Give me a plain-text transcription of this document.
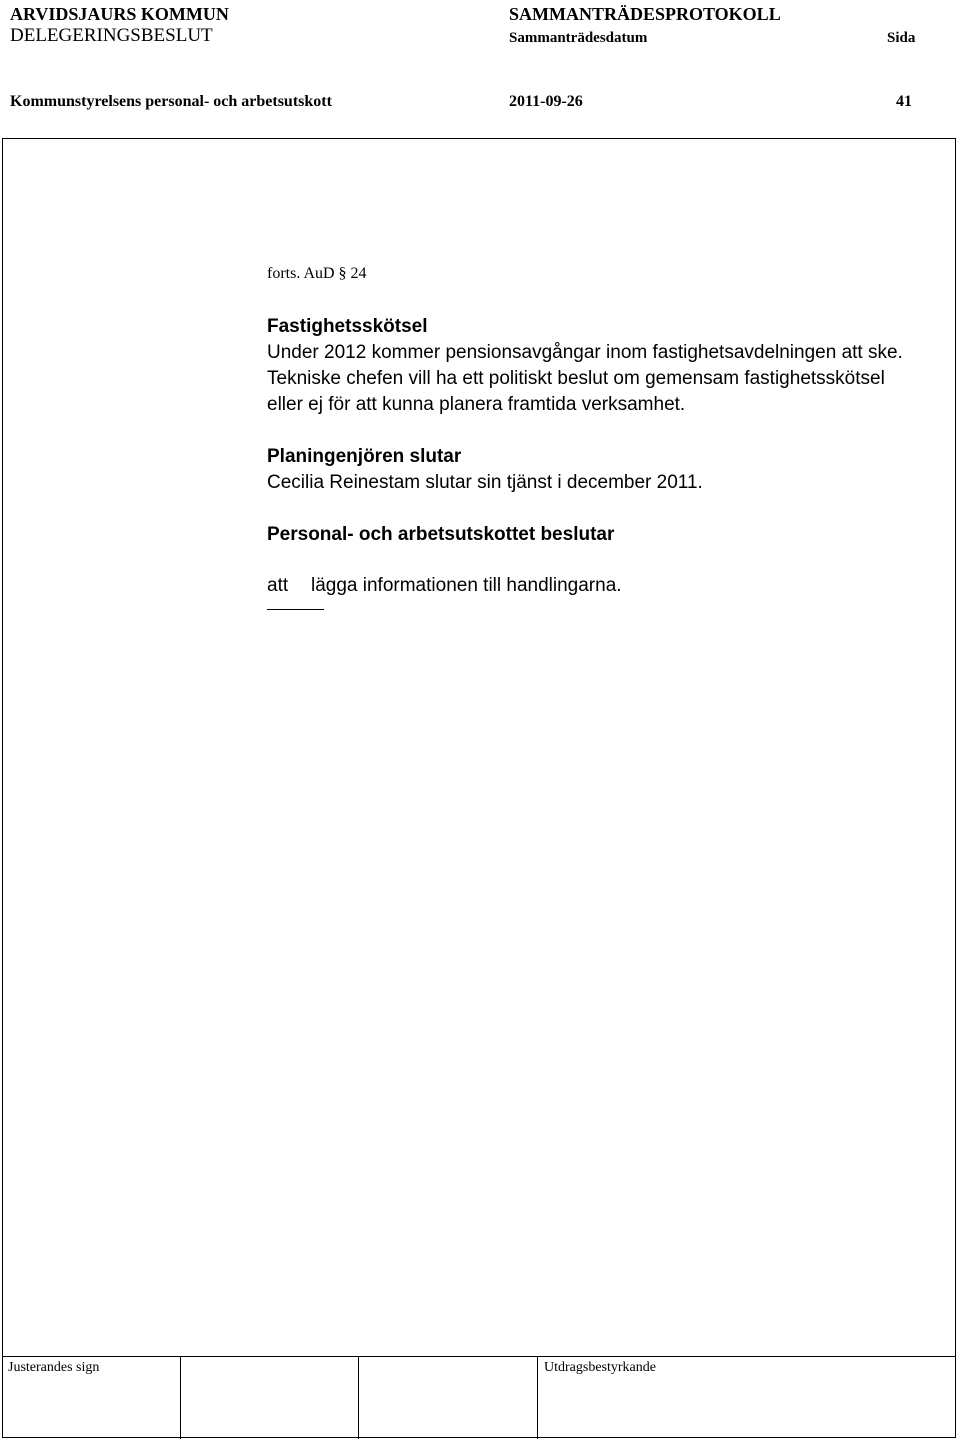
ARVIDSJAURS KOMMUN
DELEGERINGSBESLUT
SAMMANTRÄDESPROTOKOLL
Sammanträdesdatum	Sida
Kommunstyrelsens personal- och arbetsutskott	2011-09-26	41

forts. AuD § 24

Fastighetsskötsel

Under 2012 kommer pensionsavgångar inom fastighetsavdelningen att ske.

Tekniske chefen vill ha ett politiskt beslut om gemensam fastighetsskötsel

eller ej för att kunna planera framtida verksamhet.

Planingenjören slutar

Cecilia Reinestam slutar sin tjänst i december 2011.

Personal- och arbetsutskottet beslutar

att lägga informationen till handlingarna.

Justerandes sign	Utdragsbestyrkande
